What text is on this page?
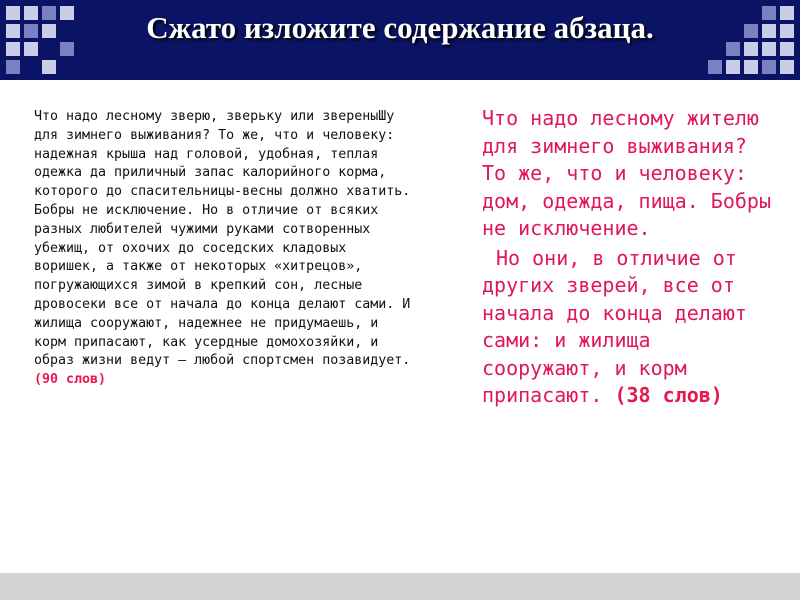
Сжато изложите содержание абзаца.
Что надо лесному зверю, зверьку или звереныШу для зимнего выживания? То же, что и человеку: надежная крыша над головой, удобная, теплая одежка да приличный запас калорийного корма, которого до спасительницы-весны должно хватить. Бобры не исключение. Но в отличие от всяких разных любителей чужими руками сотворенных убежищ, от охочих до соседских кладовых воришек, а также от некоторых «хитрецов», погружающихся зимой в крепкий сон, лесные дровосеки все от начала до конца делают сами. И жилища сооружают, надежнее не придумаешь, и корм припасают, как усердные домохозяйки, и образ жизни ведут – любой спортсмен позавидует. (90 слов)

Что надо лесному жителю для зимнего выживания? То же, что и человеку: дом, одежда, пища. Бобры не исключение.

Но они, в отличие от других зверей, все от начала до конца делают сами: и жилища сооружают, и корм припасают. (38 слов)
